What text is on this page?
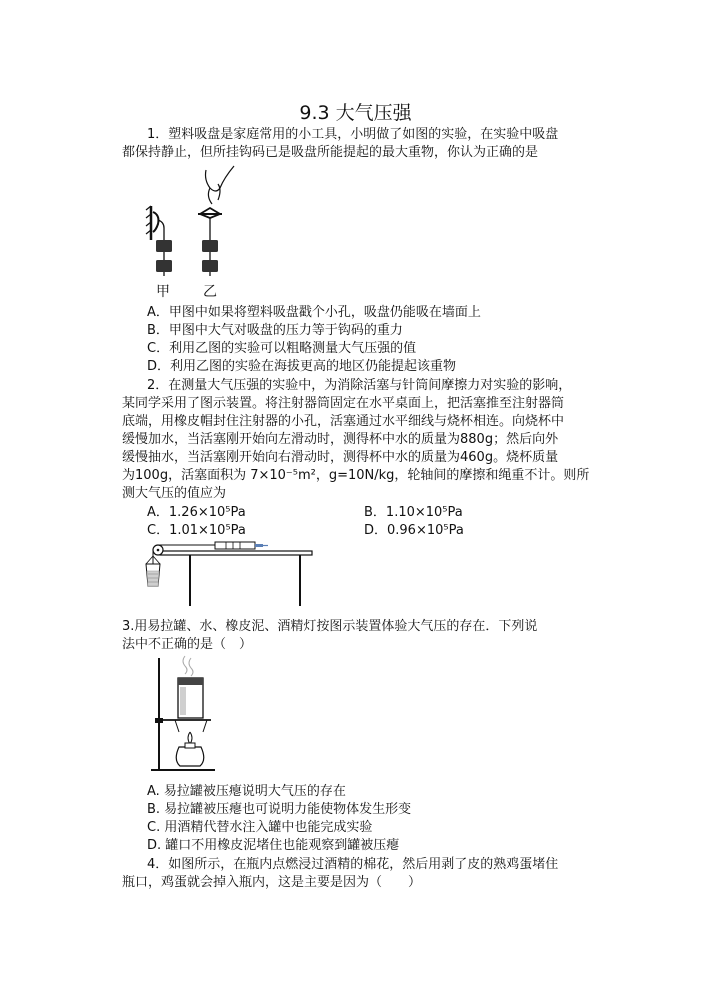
9.3 大气压强
1．塑料吸盘是家庭常用的小工具，小明做了如图的实验，在实验中吸盘
都保持静止，但所挂钩码已是吸盘所能提起的最大重物，你认为正确的是
甲 乙
A．甲图中如果将塑料吸盘戳个小孔，吸盘仍能吸在墙面上
B．甲图中大气对吸盘的压力等于钩码的重力
C．利用乙图的实验可以粗略测量大气压强的值
D．利用乙图的实验在海拔更高的地区仍能提起该重物
2．在测量大气压强的实验中，为消除活塞与针筒间摩擦力对实验的影响，
某同学采用了图示装置。将注射器筒固定在水平桌面上，把活塞推至注射器筒
底端，用橡皮帽封住注射器的小孔，活塞通过水平细线与烧杯相连。向烧杯中
缓慢加水，当活塞刚开始向左滑动时，测得杯中水的质量为880g；然后向外
缓慢抽水，当活塞刚开始向右滑动时，测得杯中水的质量为460g。烧杯质量
为100g，活塞面积为 7×10⁻⁵m²，g=10N/kg，轮轴间的摩擦和绳重不计。则所
测大气压的值应为
A．1.26×10⁵Pa	B．1.10×10⁵Pa
C．1.01×10⁵Pa	D．0.96×10⁵Pa
3.用易拉罐、水、橡皮泥、酒精灯按图示装置体验大气压的存在．下列说
法中不正确的是（　）
A. 易拉罐被压瘪说明大气压的存在
B. 易拉罐被压瘪也可说明力能使物体发生形变
C. 用酒精代替水注入罐中也能完成实验
D. 罐口不用橡皮泥堵住也能观察到罐被压瘪
4．如图所示，在瓶内点燃浸过酒精的棉花，然后用剥了皮的熟鸡蛋堵住
瓶口，鸡蛋就会掉入瓶内，这是主要是因为（　　）
